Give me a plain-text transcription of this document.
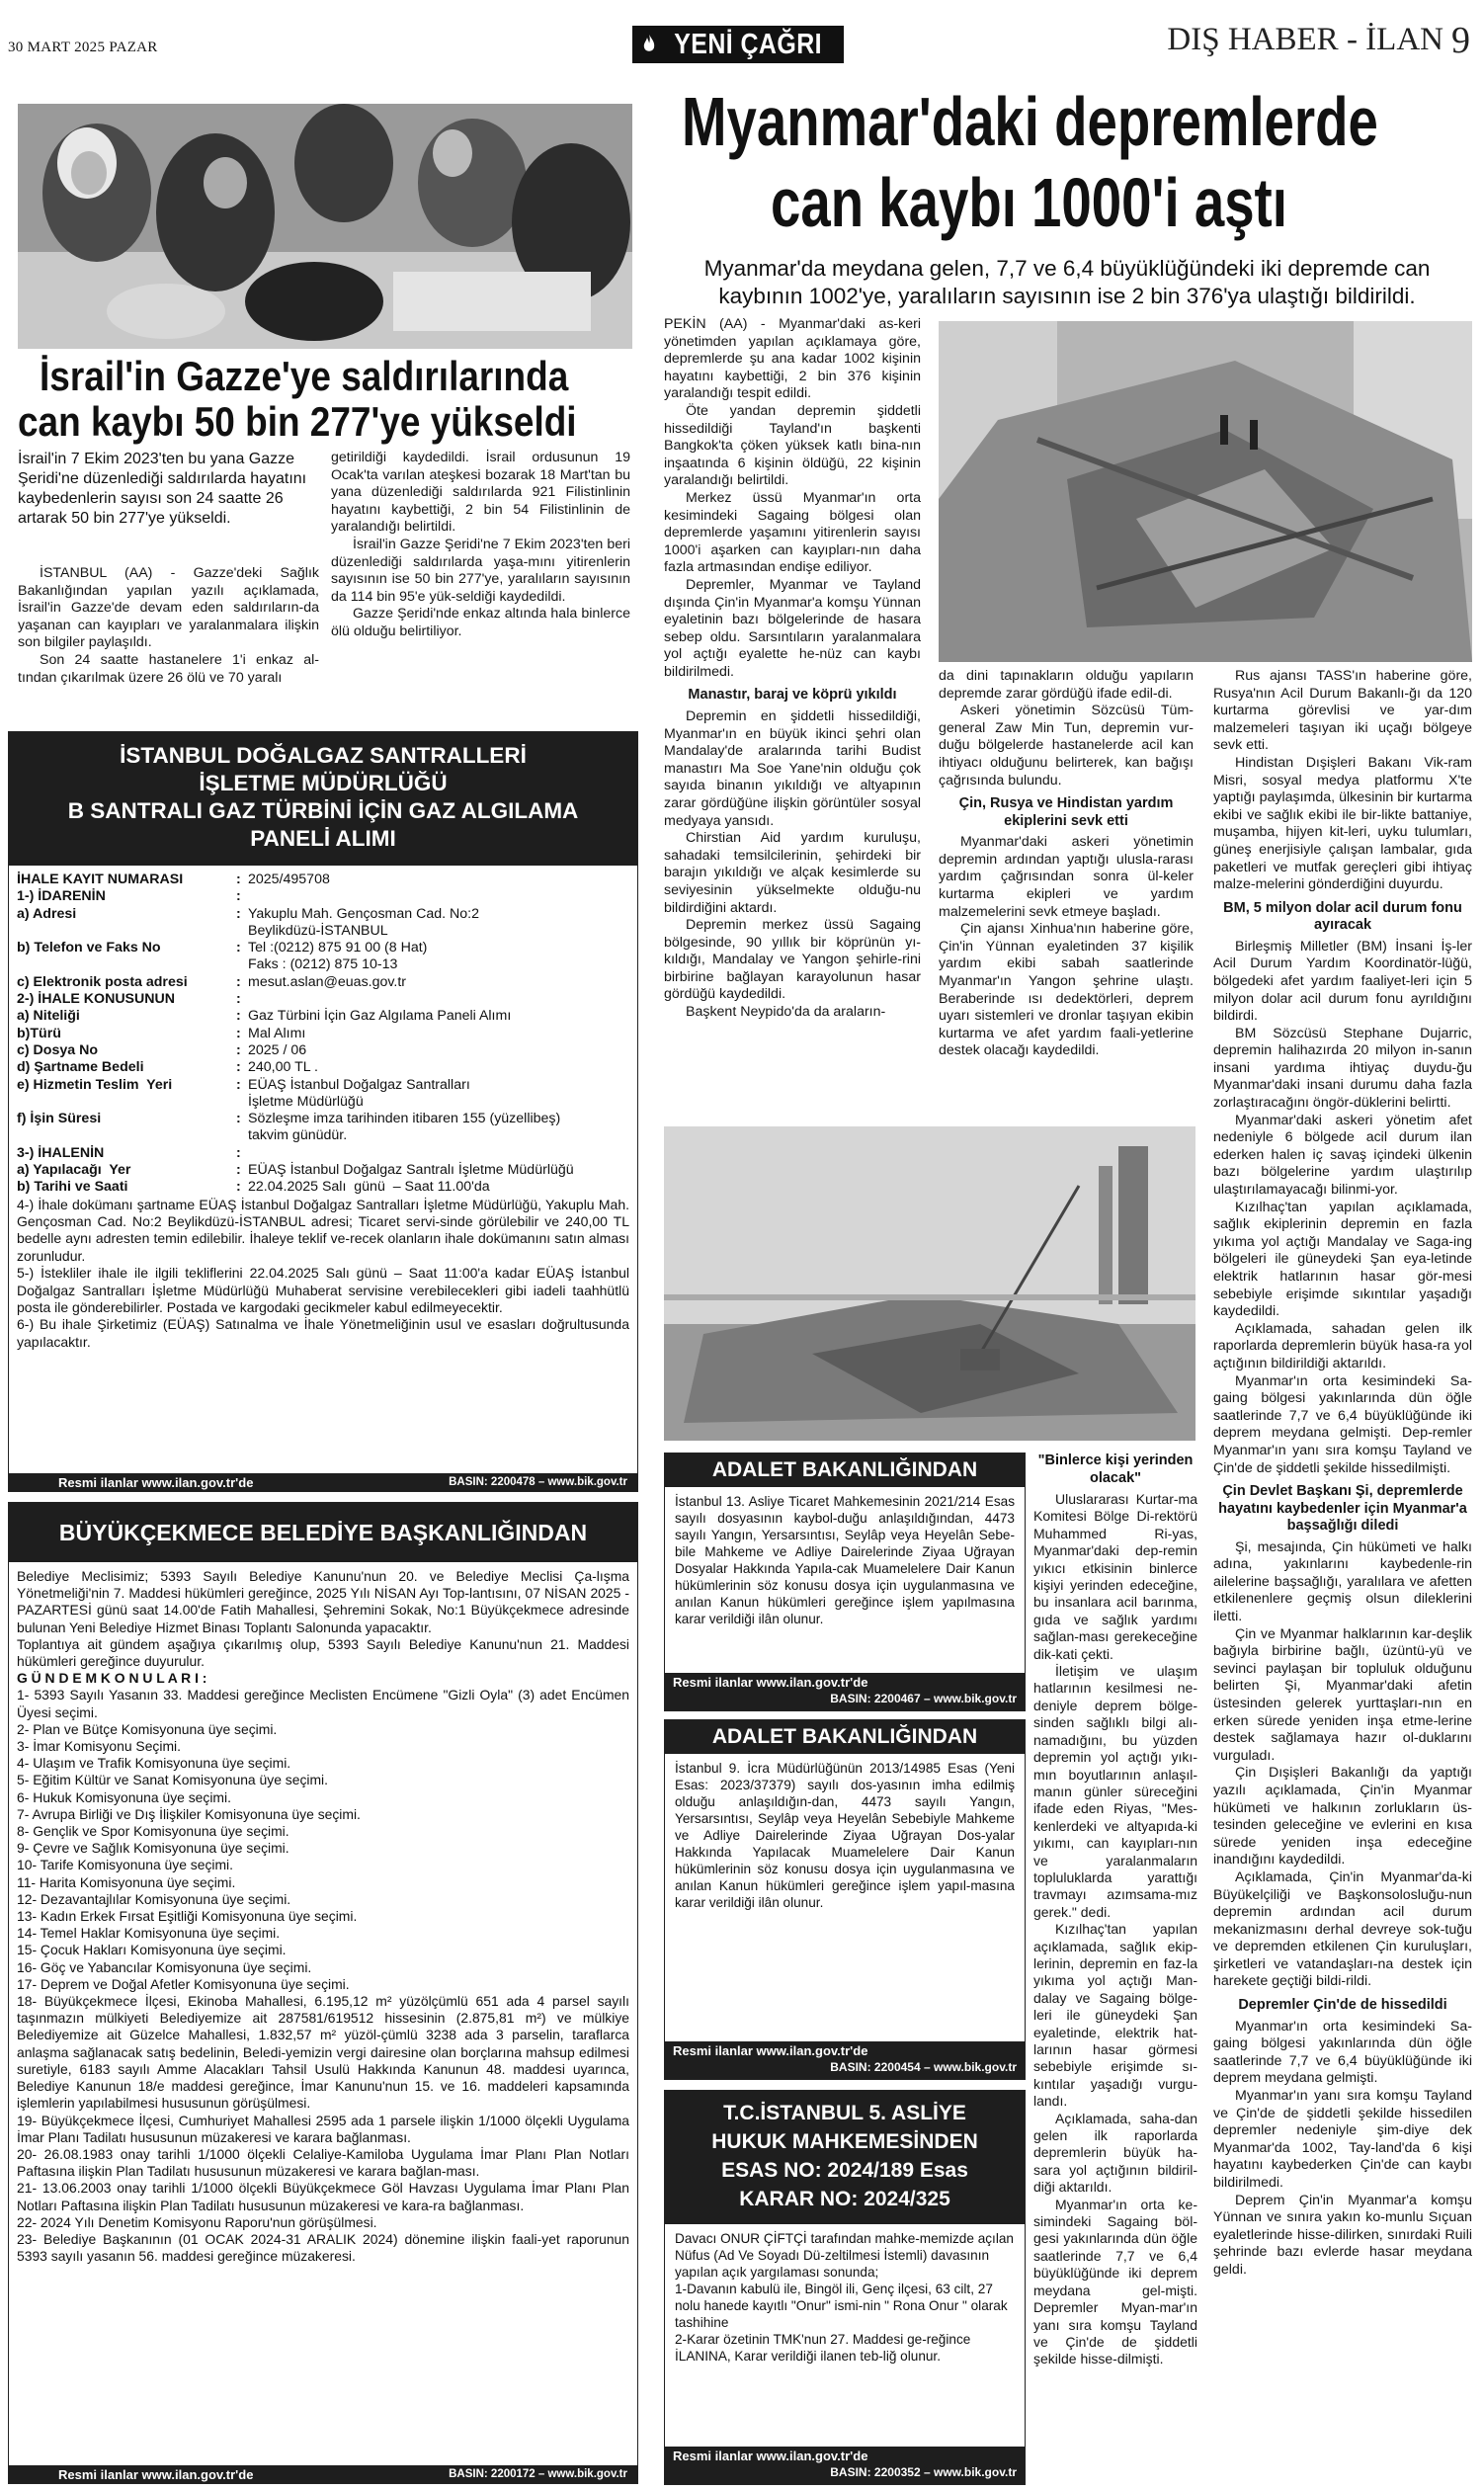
30 MART 2025 PAZAR	YENİ ÇAĞRI	DIŞ HABER - İLAN 9
İsrail'in Gazze'ye saldırılarında
can kaybı 50 bin 277'ye yükseldi
İsrail'in 7 Ekim 2023'ten bu yana Gazze Şeridi'ne düzenlediği saldırılarda hayatını kaybedenlerin sayısı son 24 saatte 26 artarak 50 bin 277'ye yükseldi.

İSTANBUL (AA) - Gazze'deki Sağlık Bakanlığından yapılan yazılı açıklamada, İsrail'in Gazze'de devam eden saldırıların-da yaşanan can kayıpları ve yaralanmalara ilişkin son bilgiler paylaşıldı.

Son 24 saatte hastanelere 1'i enkaz al-tından çıkarılmak üzere 26 ölü ve 70 yaralı

getirildiği kaydedildi. İsrail ordusunun 19 Ocak'ta varılan ateşkesi bozarak 18 Mart'tan bu yana düzenlediği saldırılarda 921 Filistinlinin hayatını kaybettiği, 2 bin 54 Filistinlinin de yaralandığı belirtildi.

İsrail'in Gazze Şeridi'ne 7 Ekim 2023'ten beri düzenlediği saldırılarda yaşa-mını yitirenlerin sayısının ise 50 bin 277'ye, yaralıların sayısının da 114 bin 95'e yük-seldiği kaydedildi.

Gazze Şeridi'nde enkaz altında hala binlerce ölü olduğu belirtiliyor.

İSTANBUL DOĞALGAZ SANTRALLERİ
İŞLETME MÜDÜRLÜĞÜ
B SANTRALI GAZ TÜRBİNİ İÇİN GAZ ALGILAMA
PANELİ ALIMI
İHALE KAYIT NUMARASI	: 2025/495708
1-) İDARENİN	:
a) Adresi	: Yakuplu Mah. Gençosman Cad. No:2
Beylikdüzü-İSTANBUL
b) Telefon ve Faks No	: Tel :(0212) 875 91 00 (8 Hat)
Faks : (0212) 875 10-13
c) Elektronik posta adresi	: mesut.aslan@euas.gov.tr
2-) İHALE KONUSUNUN	:
a) Niteliği	: Gaz Türbini İçin Gaz Algılama Paneli Alımı
b)Türü	: Mal Alımı
c) Dosya No	: 2025 / 06
d) Şartname Bedeli	: 240,00 TL .
e) Hizmetin Teslim  Yeri	: EÜAŞ İstanbul Doğalgaz Santralları
İşletme Müdürlüğü
f) İşin Süresi	: Sözleşme imza tarihinden itibaren 155 (yüzellibeş)
takvim günüdür.
3-) İHALENİN	:
a) Yapılacağı  Yer	: EÜAŞ İstanbul Doğalgaz Santralı İşletme Müdürlüğü
b) Tarihi ve Saati	: 22.04.2025 Salı  günü  – Saat 11.00'da

4-) İhale dokümanı şartname EÜAŞ İstanbul Doğalgaz Santralları İşletme Müdürlüğü, Yakuplu Mah. Gençosman Cad. No:2 Beylikdüzü-İSTANBUL adresi; Ticaret servi-sinde görülebilir ve 240,00 TL bedelle aynı adresten temin edilebilir. İhaleye teklif ve-recek olanların ihale dokümanını satın alması zorunludur.

5-) İstekliler ihale ile ilgili tekliflerini 22.04.2025 Salı günü – Saat 11:00'a kadar EÜAŞ İstanbul Doğalgaz Santralları İşletme Müdürlüğü Muhaberat servisine verebilecekleri gibi iadeli taahhütlü posta ile gönderebilirler. Postada ve kargodaki gecikmeler kabul edilmeyecektir.

6-) Bu ihale Şirketimiz (EÜAŞ) Satınalma ve İhale Yönetmeliğinin usul ve esasları doğrultusunda yapılacaktır.

Resmi ilanlar www.ilan.gov.tr'de	BASIN: 2200478 – www.bik.gov.tr
BÜYÜKÇEKMECE BELEDİYE BAŞKANLIĞINDAN

Belediye Meclisimiz; 5393 Sayılı Belediye Kanunu'nun 20. ve Belediye Meclisi Ça-lışma Yönetmeliği'nin 7. Maddesi hükümleri gereğince, 2025 Yılı NİSAN Ayı Top-lantısını, 07 NİSAN 2025 - PAZARTESİ günü saat 14.00'de Fatih Mahallesi, Şehremini Sokak, No:1 Büyükçekmece adresinde bulunan Yeni Belediye Hizmet Binası Toplantı Salonunda yapacaktır.

Toplantıya ait gündem aşağıya çıkarılmış olup, 5393 Sayılı Belediye Kanunu'nun 21. Maddesi hükümleri gereğince duyurulur.

G Ü N D E M K O N U L A R I :

1- 5393 Sayılı Yasanın 33. Maddesi gereğince Meclisten Encümene "Gizli Oyla" (3) adet Encümen Üyesi seçimi.

2- Plan ve Bütçe Komisyonuna üye seçimi.

3- İmar Komisyonu Seçimi.

4- Ulaşım ve Trafik Komisyonuna üye seçimi.

5- Eğitim Kültür ve Sanat Komisyonuna üye seçimi.

6- Hukuk Komisyonuna üye seçimi.

7- Avrupa Birliği ve Dış İlişkiler Komisyonuna üye seçimi.

8- Gençlik ve Spor Komisyonuna üye seçimi.

9- Çevre ve Sağlık Komisyonuna üye seçimi.

10- Tarife Komisyonuna üye seçimi.

11- Harita Komisyonuna üye seçimi.

12- Dezavantajlılar Komisyonuna üye seçimi.

13- Kadın Erkek Fırsat Eşitliği Komisyonuna üye seçimi.

14- Temel Haklar Komisyonuna üye seçimi.

15- Çocuk Hakları Komisyonuna üye seçimi.

16- Göç ve Yabancılar Komisyonuna üye seçimi.

17- Deprem ve Doğal Afetler Komisyonuna üye seçimi.

18- Büyükçekmece İlçesi, Ekinoba Mahallesi, 6.195,12 m² yüzölçümlü 651 ada 4 parsel sayılı taşınmazın mülkiyeti Belediyemize ait 287581/619512 hissesinin (2.875,81 m²) ve mülkiye Belediyemize ait Güzelce Mahallesi, 1.832,57 m² yüzöl-çümlü 3238 ada 3 parselin, taraflarca anlaşma sağlanacak satış bedelinin, Beledi-yemizin vergi dairesine olan borçlarına mahsup edilmesi suretiyle, 6183 sayılı Amme Alacakları Tahsil Usulü Hakkında Kanunun 48. maddesi uyarınca, Belediye Kanunun 18/e maddesi gereğince, İmar Kanunu'nun 15. ve 16. maddeleri kapsamında işlemlerin yapılabilmesi hususunun görüşülmesi.

19- Büyükçekmece İlçesi, Cumhuriyet Mahallesi 2595 ada 1 parsele ilişkin 1/1000 ölçekli Uygulama İmar Planı Tadilatı hususunun müzakeresi ve karara bağlanması.

20- 26.08.1983 onay tarihli 1/1000 ölçekli Celaliye-Kamiloba Uygulama İmar Planı Plan Notları Paftasına ilişkin Plan Tadilatı hususunun müzakeresi ve karara bağlan-ması.

21- 13.06.2003 onay tarihli 1/1000 ölçekli Büyükçekmece Göl Havzası Uygulama İmar Planı Plan Notları Paftasına ilişkin Plan Tadilatı hususunun müzakeresi ve kara-ra bağlanması.

22- 2024 Yılı Denetim Komisyonu Raporu'nun görüşülmesi.

23- Belediye Başkanının (01 OCAK 2024-31 ARALIK 2024) dönemine ilişkin faali-yet raporunun 5393 sayılı yasanın 56. maddesi gereğince müzakeresi.

Resmi ilanlar www.ilan.gov.tr'de	BASIN: 2200172 – www.bik.gov.tr
Myanmar'daki depremlerde
can kaybı 1000'i aştı
Myanmar'da meydana gelen, 7,7 ve 6,4 büyüklüğündeki iki depremde can kaybının 1002'ye, yaralıların sayısının ise 2 bin 376'ya ulaştığı bildirildi.

PEKİN (AA) - Myanmar'daki as-keri yönetimden yapılan açıklamaya göre, depremlerde şu ana kadar 1002 kişinin hayatını kaybettiği, 2 bin 376 kişinin yaralandığı tespit edildi.

Öte yandan depremin şiddetli hissedildiği Tayland'ın başkenti Bangkok'ta çöken yüksek katlı bina-nın inşaatında 6 kişinin öldüğü, 22 kişinin yaralandığı belirtildi.

Merkez üssü Myanmar'ın orta kesimindeki Sagaing bölgesi olan depremlerde yaşamını yitirenlerin sayısı 1000'i aşarken can kayıpları-nın daha fazla artmasından endişe ediliyor.

Depremler, Myanmar ve Tayland dışında Çin'in Myanmar'a komşu Yünnan eyaletinin bazı bölgelerinde de hasara sebep oldu. Sarsıntıların yaralanmalara yol açtığı eyalette he-nüz can kaybı bildirilmedi.

Manastır, baraj ve köprü yıkıldı

Depremin en şiddetli hissedildiği, Myanmar'ın en büyük ikinci şehri olan Mandalay'de aralarında tarihi Budist manastırı Ma Soe Yane'nin olduğu çok sayıda binanın yıkıldığı ve altyapının zarar gördüğüne ilişkin görüntüler sosyal medyaya yansıdı.

Chirstian Aid yardım kuruluşu, sahadaki temsilcilerinin, şehirdeki bir barajın yıkıldığı ve alçak kesimlerde su seviyesinin yükselmekte olduğu-nu bildirdiğini aktardı.

Depremin merkez üssü Sagaing bölgesinde, 90 yıllık bir köprünün yı-kıldığı, Mandalay ve Yangon şehirle-rini birbirine bağlayan karayolunun hasar gördüğü kaydedildi.

Başkent Neypido'da da araların-

da dini tapınakların olduğu yapıların depremde zarar gördüğü ifade edil-di.

Askeri yönetimin Sözcüsü Tüm-general Zaw Min Tun, depremin vur-duğu bölgelerde hastanelerde acil kan ihtiyacı olduğunu belirterek, kan bağışı çağrısında bulundu.

Çin, Rusya ve Hindistan yardım ekiplerini sevk etti

Myanmar'daki askeri yönetimin depremin ardından yaptığı ulusla-rarası yardım çağrısından sonra ül-keler kurtarma ekipleri ve yardım malzemelerini sevk etmeye başladı.

Çin ajansı Xinhua'nın haberine göre, Çin'in Yünnan eyaletinden 37 kişilik yardım ekibi sabah saatlerinde Myanmar'ın Yangon şehrine ulaştı. Beraberinde ısı dedektörleri, deprem uyarı sistemleri ve dronlar taşıyan ekibin kurtarma ve afet yardım faali-yetlerine destek olacağı kaydedildi.

Rus ajansı TASS'ın haberine göre, Rusya'nın Acil Durum Bakanlı-ğı da 120 kurtarma görevlisi ve yar-dım malzemeleri taşıyan iki uçağı bölgeye sevk etti.

Hindistan Dışişleri Bakanı Vik-ram Misri, sosyal medya platformu X'te yaptığı paylaşımda, ülkesinin bir kurtarma ekibi ve sağlık ekibi ile bir-likte battaniye, muşamba, hijyen kit-leri, uyku tulumları, güneş enerjisiyle çalışan lambalar, gıda paketleri ve mutfak gereçleri gibi ihtiyaç malze-melerini gönderdiğini duyurdu.

BM, 5 milyon dolar acil durum fonu ayıracak

Birleşmiş Milletler (BM) İnsani İş-ler Acil Durum Yardım Koordinatör-lüğü, bölgedeki afet yardım faaliyet-leri için 5 milyon dolar acil durum fonu ayrıldığını bildirdi.

BM Sözcüsü Stephane Dujarric, depremin halihazırda 20 milyon in-sanın insani yardıma ihtiyaç duydu-ğu Myanmar'daki insani durumu daha fazla zorlaştıracağını öngör-düklerini belirtti.

Myanmar'daki askeri yönetim afet nedeniyle 6 bölgede acil durum ilan ederken halen iç savaş içindeki ülkenin bazı bölgelerine yardım ulaştırılıp ulaştırılamayacağı bilinmi-yor.

Kızılhaç'tan yapılan açıklamada, sağlık ekiplerinin depremin en fazla yıkıma yol açtığı Mandalay ve Saga-ing bölgeleri ile güneydeki Şan eya-letinde elektrik hatlarının hasar gör-mesi sebebiyle erişimde sıkıntılar yaşadığı kaydedildi.

Açıklamada, sahadan gelen ilk raporlarda depremlerin büyük hasa-ra yol açtığının bildirildiği aktarıldı.

Myanmar'ın orta kesimindeki Sa-gaing bölgesi yakınlarında dün öğle saatlerinde 7,7 ve 6,4 büyüklüğünde iki deprem meydana gelmişti. Dep-remler Myanmar'ın yanı sıra komşu Tayland ve Çin'de de şiddetli şekilde hissedilmişti.

Çin Devlet Başkanı Şi, depremlerde hayatını kaybedenler için Myanmar'a başsağlığı diledi

Şi, mesajında, Çin hükümeti ve halkı adına, yakınlarını kaybedenle-rin ailelerine başsağlığı, yaralılara ve afetten etkilenenlere geçmiş olsun dileklerini iletti.

Çin ve Myanmar halklarının kar-deşlik bağıyla birbirine bağlı, üzüntü-yü ve sevinci paylaşan bir topluluk olduğunu belirten Şi, Myanmar'daki afetin üstesinden gelerek yurttaşları-nın en erken sürede yeniden inşa etme-lerine destek sağlamaya hazır ol-duklarını vurguladı.

Çin Dışişleri Bakanlığı da yaptığı yazılı açıklamada, Çin'in Myanmar hükümeti ve halkının zorlukların üs-tesinden geleceğine ve evlerini en kısa sürede yeniden inşa edeceğine inandığını kaydedildi.

Açıklamada, Çin'in Myanmar'da-ki Büyükelçiliği ve Başkonsolosluğu-nun depremin ardından acil durum mekanizmasını derhal devreye sok-tuğu ve depremden etkilenen Çin kuruluşları, şirketleri ve vatandaşları-na destek için harekete geçtiği bildi-rildi.

Depremler Çin'de de hissedildi

Myanmar'ın orta kesimindeki Sa-gaing bölgesi yakınlarında dün öğle saatlerinde 7,7 ve 6,4 büyüklüğünde iki deprem meydana gelmişti.

Myanmar'ın yanı sıra komşu Tayland ve Çin'de de şiddetli şekilde hissedilen depremler nedeniyle şim-diye dek Myanmar'da 1002, Tay-land'da 6 kişi hayatını kaybederken Çin'de can kaybı bildirilmedi.

Deprem Çin'in Myanmar'a komşu Yünnan ve sınıra yakın ko-munlu Sıçuan eyaletlerinde hisse-dilirken, sınırdaki Ruili şehrinde bazı evlerde hasar meydana geldi.

ADALET BAKANLIĞINDAN
İstanbul 13. Asliye Ticaret Mahkemesinin 2021/214 Esas sayılı dosyasının kaybol-duğu anlaşıldığından, 4473 sayılı Yangın, Yersarsıntısı, Seylâp veya Heyelân Sebe-bile Mahkeme ve Adliye Dairelerinde Ziyaa Uğrayan Dosyalar Hakkında Yapıla-cak Muamelelere Dair Kanun hükümlerinin söz konusu dosya için uygulanmasına ve anılan Kanun hükümleri gereğince işlem yapılmasına karar verildiği ilân olunur.
Resmi ilanlar www.ilan.gov.tr'de
BASIN: 2200467 – www.bik.gov.tr
ADALET BAKANLIĞINDAN
İstanbul 9. İcra Müdürlüğünün 2013/14985 Esas (Yeni Esas: 2023/37379) sayılı dos-yasının imha edilmiş olduğu anlaşıldığın-dan, 4473 sayılı Yangın, Yersarsıntısı, Seylâp veya Heyelân Sebebiyle Mahkeme ve Adliye Dairelerinde Ziyaa Uğrayan Dos-yalar Hakkında Yapılacak Muamelelere Dair Kanun hükümlerinin söz konusu dosya için uygulanmasına ve anılan Kanun hükümleri gereğince işlem yapıl-masına karar verildiği ilân olunur.
Resmi ilanlar www.ilan.gov.tr'de
BASIN: 2200454 – www.bik.gov.tr
T.C.İSTANBUL 5. ASLİYE
HUKUK MAHKEMESİNDEN
ESAS NO: 2024/189 Esas
KARAR NO: 2024/325

Davacı ONUR ÇİFTÇİ tarafından mahke-memizde açılan Nüfus (Ad Ve Soyadı Dü-zeltilmesi İstemli) davasının yapılan açık yargılaması sonunda;

1-Davanın kabulü ile, Bingöl ili, Genç ilçesi, 63 cilt, 27 nolu hanede kayıtlı "Onur" ismi-nin " Rona Onur " olarak tashihine

2-Karar özetinin TMK'nun 27. Maddesi ge-reğince İLANINA, Karar verildiği ilanen teb-liğ olunur.

Resmi ilanlar www.ilan.gov.tr'de
BASIN: 2200352 – www.bik.gov.tr
"Binlerce kişi yerinden olacak"

Uluslararası Kurtar-ma Komitesi Bölge Di-rektörü Muhammed Ri-yas, Myanmar'daki dep-remin yıkıcı etkisinin binlerce kişiyi yerinden edeceğine, bu insanlara acil barınma, gıda ve sağlık yardımı sağlan-ması gerekeceğine dik-kati çekti.

İletişim ve ulaşım hatlarının kesilmesi ne-deniyle deprem bölge-sinden sağlıklı bilgi alı-namadığını, bu yüzden depremin yol açtığı yıkı-mın boyutlarının anlaşıl-manın günler süreceğini ifade eden Riyas, "Mes-kenlerdeki ve altyapıda-ki yıkımı, can kayıpları-nın ve yaralanmaların topluluklarda yarattığı travmayı azımsama-mız gerek." dedi.

Kızılhaç'tan yapılan açıklamada, sağlık ekip-lerinin, depremin en faz-la yıkıma yol açtığı Man-dalay ve Sagaing bölge-leri ile güneydeki Şan eyaletinde, elektrik hat-larının hasar görmesi sebebiyle erişimde sı-kıntılar yaşadığı vurgu-landı.

Açıklamada, saha-dan gelen ilk raporlarda depremlerin büyük ha-sara yol açtığının bildiril-diği aktarıldı.

Myanmar'ın orta ke-simindeki Sagaing böl-gesi yakınlarında dün öğle saatlerinde 7,7 ve 6,4 büyüklüğünde iki deprem meydana gel-mişti. Depremler Myan-mar'ın yanı sıra komşu Tayland ve Çin'de de şiddetli şekilde hisse-dilmişti.
